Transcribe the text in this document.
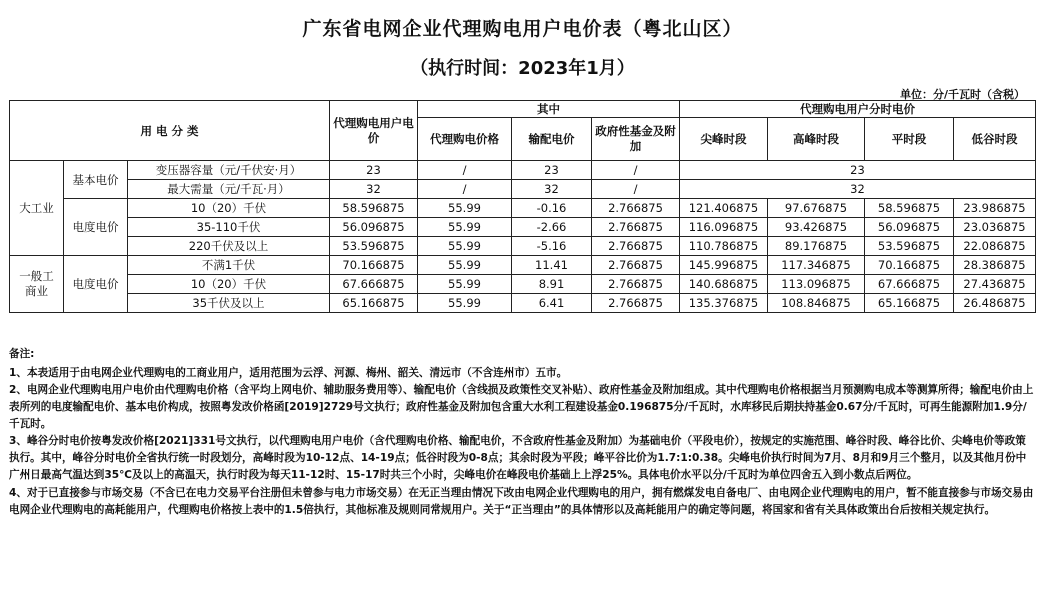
广东省电网企业代理购电用户电价表（粤北山区）
（执行时间：2023年1月）
单位：分/千瓦时（含税）
用 电 分 类			代理购电用户电价	其中			代理购电用户分时电价			
				代理购电价格	输配电价	政府性基金及附加	尖峰时段	高峰时段	平时段	低谷时段
大工业	基本电价	变压器容量（元/千伏安·月）	23	/	23	/	23			
		最大需量（元/千瓦·月）	32	/	32	/	32			
	电度电价	10（20）千伏	58.596875	55.99	-0.16	2.766875	121.406875	97.676875	58.596875	23.986875
		35-110千伏	56.096875	55.99	-2.66	2.766875	116.096875	93.426875	56.096875	23.036875
		220千伏及以上	53.596875	55.99	-5.16	2.766875	110.786875	89.176875	53.596875	22.086875
一般工商业	电度电价	不满1千伏	70.166875	55.99	11.41	2.766875	145.996875	117.346875	70.166875	28.386875
		10（20）千伏	67.666875	55.99	8.91	2.766875	140.686875	113.096875	67.666875	27.436875
		35千伏及以上	65.166875	55.99	6.41	2.766875	135.376875	108.846875	65.166875	26.486875

备注:

1、本表适用于由电网企业代理购电的工商业用户，适用范围为云浮、河源、梅州、韶关、清远市（不含连州市）五市。

2、电网企业代理购电用户电价由代理购电价格（含平均上网电价、辅助服务费用等）、输配电价（含线损及政策性交叉补贴）、政府性基金及附加组成。其中代理购电价格根据当月预测购电成本等测算所得；输配电价由上表所列的电度输配电价、基本电价构成，按照粤发改价格函[2019]2729号文执行；政府性基金及附加包含重大水利工程建设基金0.196875分/千瓦时，水库移民后期扶持基金0.67分/千瓦时，可再生能源附加1.9分/千瓦时。

3、峰谷分时电价按粤发改价格[2021]331号文执行，以代理购电用户电价（含代理购电价格、输配电价，不含政府性基金及附加）为基础电价（平段电价），按规定的实施范围、峰谷时段、峰谷比价、尖峰电价等政策执行。其中，峰谷分时电价全省执行统一时段划分，高峰时段为10-12点、14-19点；低谷时段为0-8点；其余时段为平段；峰平谷比价为1.7:1:0.38。尖峰电价执行时间为7月、8月和9月三个整月，以及其他月份中广州日最高气温达到35℃及以上的高温天，执行时段为每天11-12时、15-17时共三个小时，尖峰电价在峰段电价基础上上浮25%。具体电价水平以分/千瓦时为单位四舍五入到小数点后两位。

4、对于已直接参与市场交易（不含已在电力交易平台注册但未曾参与电力市场交易）在无正当理由情况下改由电网企业代理购电的用户，拥有燃煤发电自备电厂、由电网企业代理购电的用户，暂不能直接参与市场交易由电网企业代理购电的高耗能用户，代理购电价格按上表中的1.5倍执行，其他标准及规则同常规用户。关于“正当理由”的具体情形以及高耗能用户的确定等问题，将国家和省有关具体政策出台后按相关规定执行。
